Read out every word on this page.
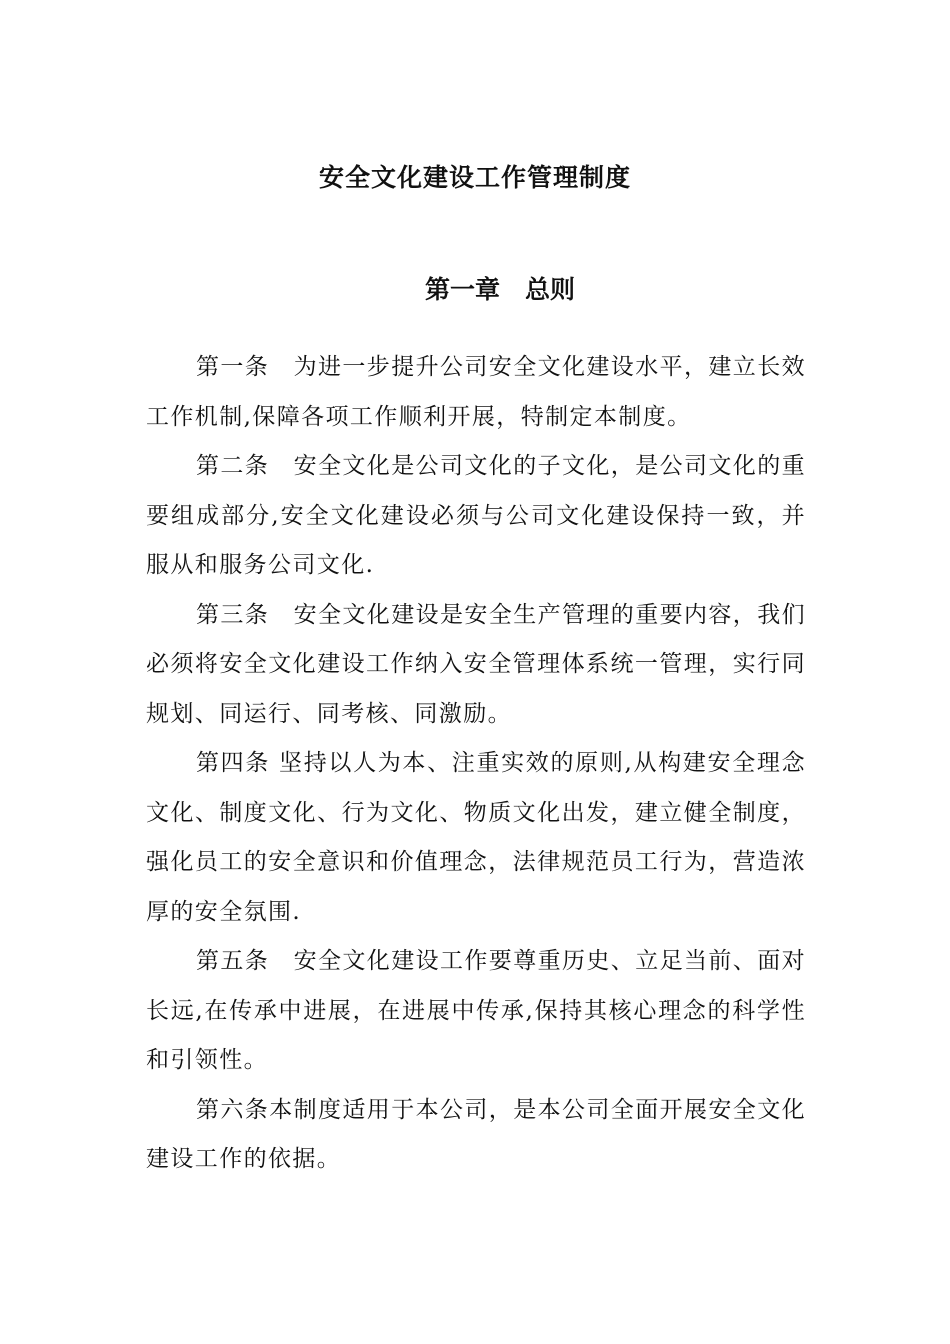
安全文化建设工作管理制度
第一章　总则

第一条　为进一步提升公司安全文化建设水平，建立长效工作机制,保障各项工作顺利开展，特制定本制度。

第二条　安全文化是公司文化的子文化，是公司文化的重要组成部分,安全文化建设必须与公司文化建设保持一致，并服从和服务公司文化.

第三条　安全文化建设是安全生产管理的重要内容，我们必须将安全文化建设工作纳入安全管理体系统一管理，实行同规划、同运行、同考核、同激励。

第四条 坚持以人为本、注重实效的原则,从构建安全理念文化、制度文化、行为文化、物质文化出发，建立健全制度，强化员工的安全意识和价值理念，法律规范员工行为，营造浓厚的安全氛围.

第五条　安全文化建设工作要尊重历史、立足当前、面对长远,在传承中进展，在进展中传承,保持其核心理念的科学性和引领性。

第六条本制度适用于本公司，是本公司全面开展安全文化建设工作的依据。
